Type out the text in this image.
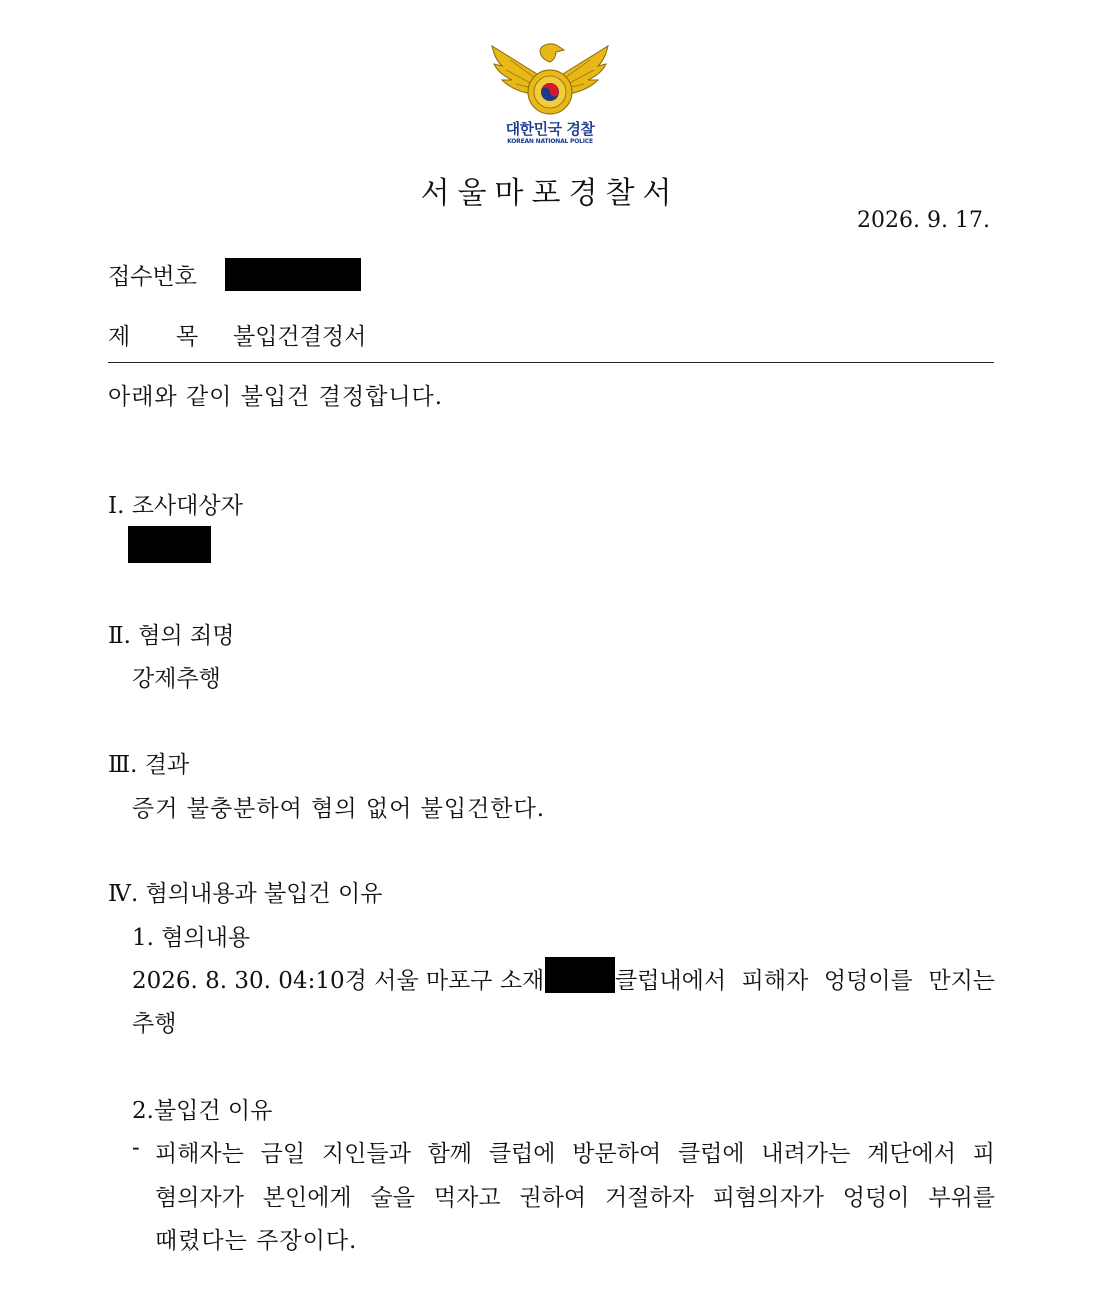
대한민국 경찰
KOREAN NATIONAL POLICE
서울마포경찰서
2026. 9. 17.
접수번호
제 목 불입건결정서
아래와 같이 불입건 결정합니다.
Ⅰ. 조사대상자
Ⅱ. 혐의 죄명
강제추행
Ⅲ. 결과
증거 불충분하여 혐의 없어 불입건한다.
Ⅳ. 혐의내용과 불입건 이유
1. 혐의내용
2026. 8. 30. 04:10경 서울 마포구 소재	클럽내에서 피해자 엉덩이를 만지는
추행
2.불입건 이유
- 피해자는 금일 지인들과 함께 클럽에 방문하여 클럽에 내려가는 계단에서 피
혐의자가 본인에게 술을 먹자고 권하여 거절하자 피혐의자가 엉덩이 부위를
때렸다는 주장이다.
